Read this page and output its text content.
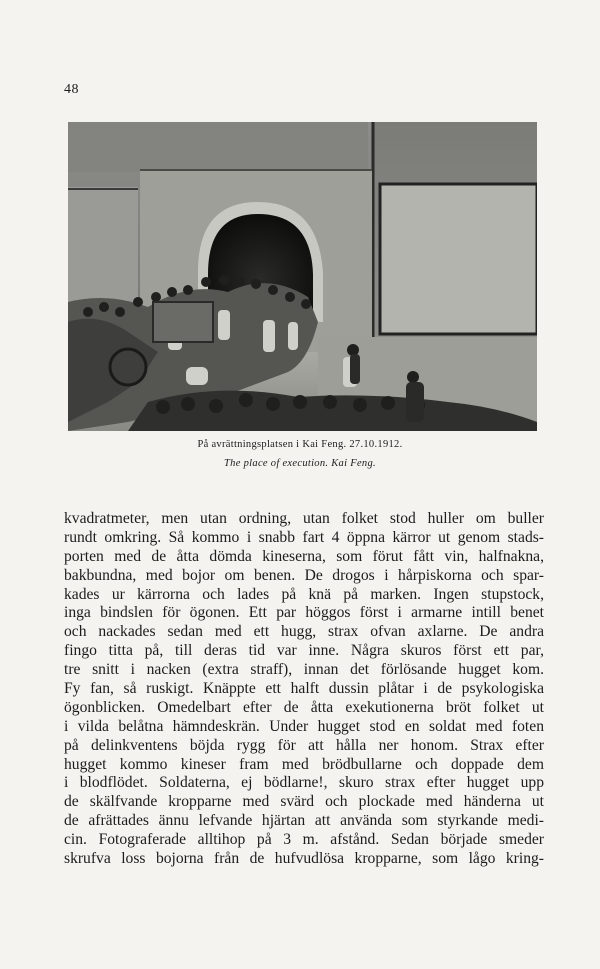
48
På avrättningsplatsen i Kai Feng. 27.10.1912.
The place of execution. Kai Feng.
kvadratmeter, men utan ordning, utan folket stod huller om buller
rundt omkring. Så kommo i snabb fart 4 öppna kärror ut genom stads-
porten med de åtta dömda kineserna, som förut fått vin, halfnakna,
bakbundna, med bojor om benen. De drogos i hårpiskorna och spar-
kades ur kärrorna och lades på knä på marken. Ingen stupstock,
inga bindslen för ögonen. Ett par höggos först i armarne intill benet
och nackades sedan med ett hugg, strax ofvan axlarne. De andra
fingo titta på, till deras tid var inne. Några skuros först ett par,
tre snitt i nacken (extra straff), innan det förlösande hugget kom.
Fy fan, så ruskigt. Knäppte ett halft dussin plåtar i de psykologiska
ögonblicken. Omedelbart efter de åtta exekutionerna bröt folket ut
i vilda belåtna hämndeskrän. Under hugget stod en soldat med foten
på delinkventens böjda rygg för att hålla ner honom. Strax efter
hugget kommo kineser fram med brödbullarne och doppade dem
i blodflödet. Soldaterna, ej bödlarne!, skuro strax efter hugget upp
de skälfvande kropparne med svärd och plockade med händerna ut
de afrättades ännu lefvande hjärtan att använda som styrkande medi-
cin. Fotograferade alltihop på 3 m. afstånd. Sedan började smeder
skrufva loss bojorna från de hufvudlösa kropparne, som lågo kring-
